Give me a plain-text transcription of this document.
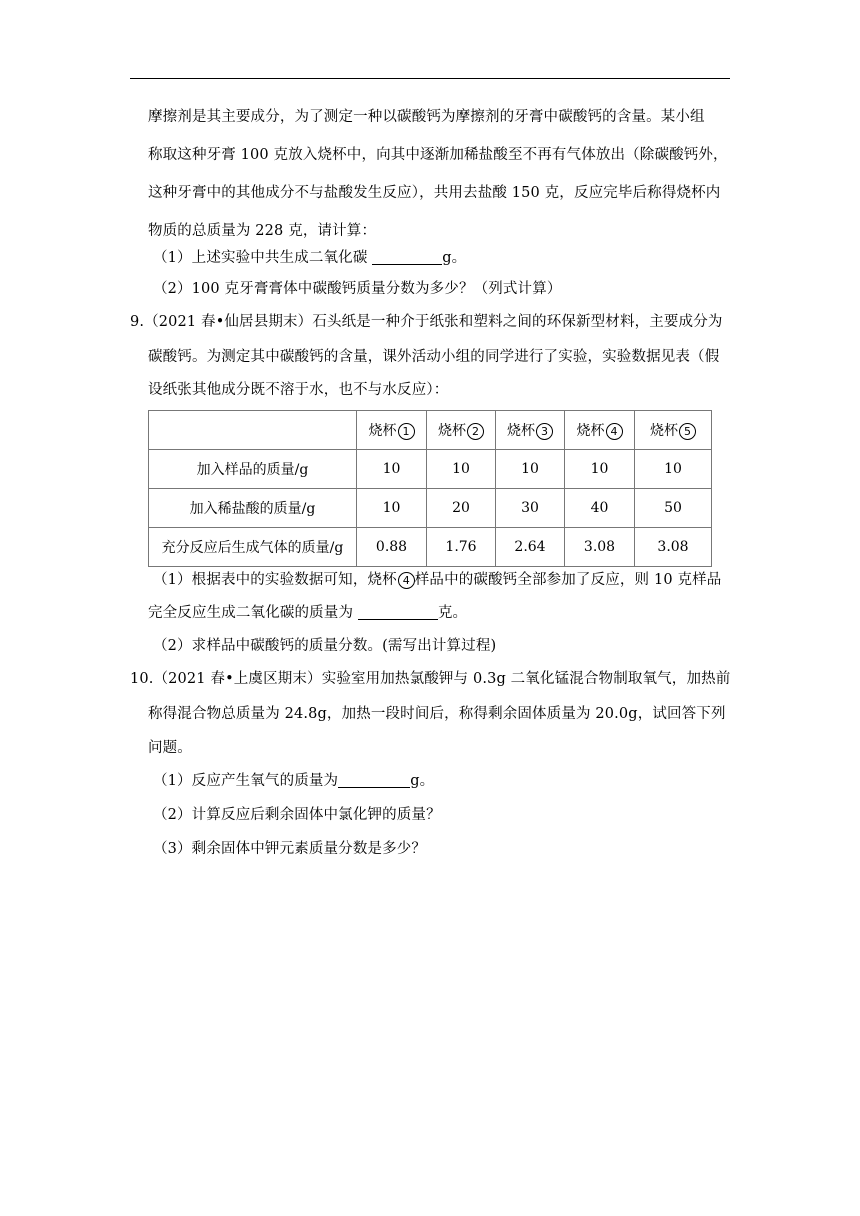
摩擦剂是其主要成分，为了测定一种以碳酸钙为摩擦剂的牙膏中碳酸钙的含量。某小组
称取这种牙膏 100 克放入烧杯中，向其中逐渐加稀盐酸至不再有气体放出（除碳酸钙外，
这种牙膏中的其他成分不与盐酸发生反应），共用去盐酸 150 克，反应完毕后称得烧杯内
物质的总质量为 228 克，请计算：
（1）上述实验中共生成二氧化碳	g。
（2）100 克牙膏膏体中碳酸钙质量分数为多少？（列式计算）
9.（2021 春•仙居县期末）石头纸是一种介于纸张和塑料之间的环保新型材料，主要成分为
碳酸钙。为测定其中碳酸钙的含量，课外活动小组的同学进行了实验，实验数据见表（假
设纸张其他成分既不溶于水，也不与水反应）：
	烧杯 1	烧杯 2	烧杯 3	烧杯 4	烧杯 5
加入样品的质量/g	10	10	10	10	10
加入稀盐酸的质量/g	10	20	30	40	50
充分反应后生成气体的质量/g	0.88	1.76	2.64	3.08	3.08
（1）根据表中的实验数据可知，烧杯 4 样品中的碳酸钙全部参加了反应，则 10 克样品
完全反应生成二氧化碳的质量为	克。
（2）求样品中碳酸钙的质量分数。(需写出计算过程)
10.（2021 春•上虞区期末）实验室用加热氯酸钾与 0.3g 二氧化锰混合物制取氧气，加热前
称得混合物总质量为 24.8g，加热一段时间后，称得剩余固体质量为 20.0g，试回答下列
问题。
（1）反应产生氧气的质量为	g。
（2）计算反应后剩余固体中氯化钾的质量？
（3）剩余固体中钾元素质量分数是多少？
